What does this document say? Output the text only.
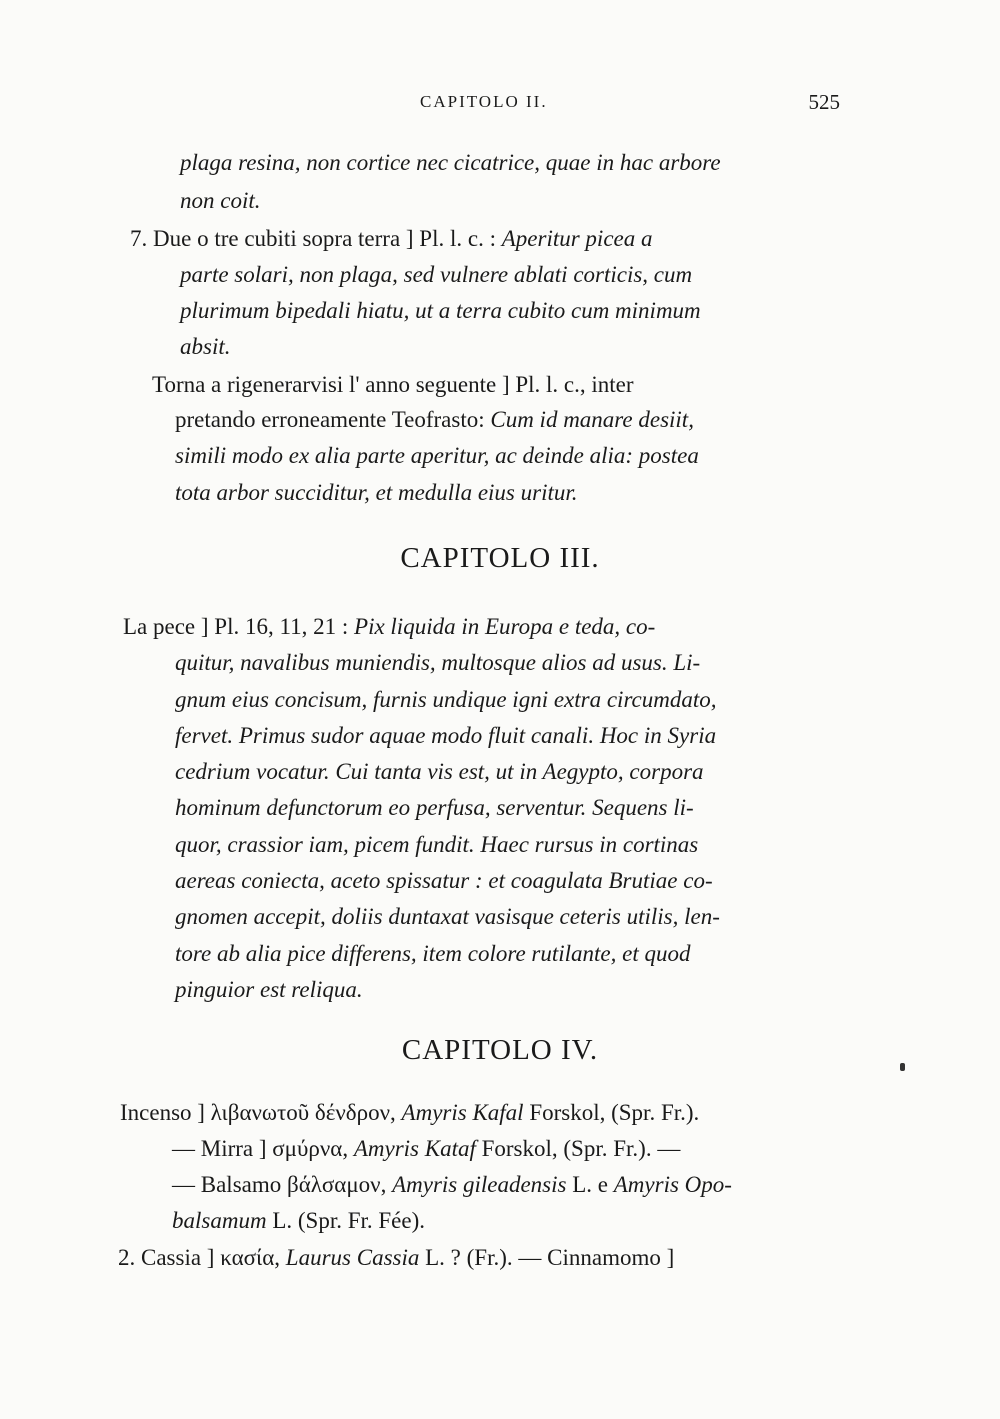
CAPITOLO II.	525
plaga resina, non cortice nec cicatrice, quae in hac arbore
non coit.
7. Due o tre cubiti sopra terra ] Pl. l. c. : Aperitur picea a
parte solari, non plaga, sed vulnere ablati corticis, cum
plurimum bipedali hiatu, ut a terra cubito cum minimum
absit.
Torna a rigenerarvisi l' anno seguente ] Pl. l. c., inter
pretando erroneamente Teofrasto: Cum id manare desiit,
simili modo ex alia parte aperitur, ac deinde alia: postea
tota arbor succiditur, et medulla eius uritur.
CAPITOLO III.
La pece ] Pl. 16, 11, 21 : Pix liquida in Europa e teda, co-
quitur, navalibus muniendis, multosque alios ad usus. Li-
gnum eius concisum, furnis undique igni extra circumdato,
fervet. Primus sudor aquae modo fluit canali. Hoc in Syria
cedrium vocatur. Cui tanta vis est, ut in Aegypto, corpora
hominum defunctorum eo perfusa, serventur. Sequens li-
quor, crassior iam, picem fundit. Haec rursus in cortinas
aereas coniecta, aceto spissatur : et coagulata Brutiae co-
gnomen accepit, doliis duntaxat vasisque ceteris utilis, len-
tore ab alia pice differens, item colore rutilante, et quod
pinguior est reliqua.
CAPITOLO IV.
Incenso ] λιβανωτοῦ δένδρον, Amyris Kafal Forskol, (Spr. Fr.).
— Mirra ] σμύρνα, Amyris Kataf Forskol, (Spr. Fr.). —
— Balsamo βάλσαμον, Amyris gileadensis L. e Amyris Opo-
balsamum L. (Spr. Fr. Fée).
2. Cassia ] κασία, Laurus Cassia L. ? (Fr.). — Cinnamomo ]
